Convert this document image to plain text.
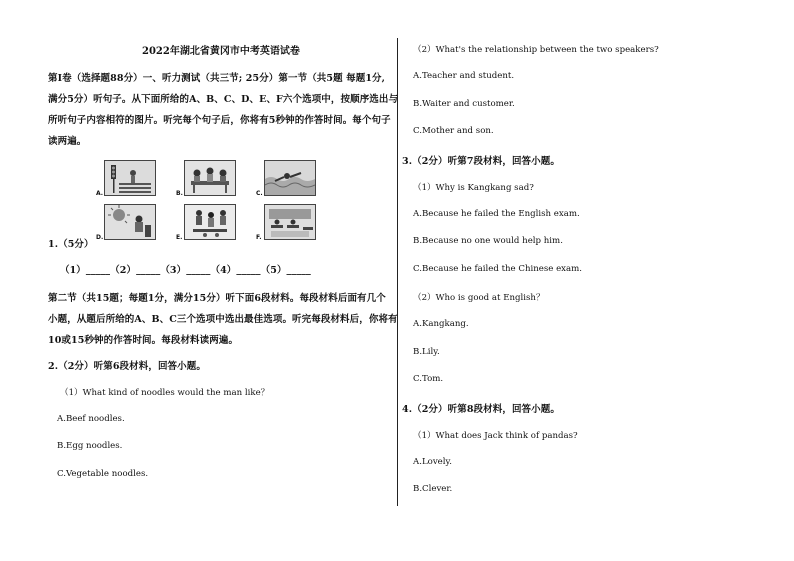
2022年湖北省黄冈市中考英语试卷
第I卷（选择题88分）一、听力测试（共三节; 25分）第一节（共5题 每题1分,
满分5分）听句子。从下面所给的A、B、C、D、E、F六个选项中，按顺序选出与
所听句子内容相符的图片。听完每个句子后，你将有5秒钟的作答时间。每个句子
读两遍。
A.	B.	C.
D.	E.	F.
1.（5分）
（1）_____（2）_____（3）_____（4）_____（5）_____
第二节（共15题；每题1分，满分15分）听下面6段材料。每段材料后面有几个
小题，从题后所给的A、B、C三个选项中选出最佳选项。听完每段材料后，你将有
10或15秒钟的作答时间。每段材料读两遍。
2.（2分）听第6段材料，回答小题。
（1）What kind of noodles would the man like？
A.Beef noodles.
B.Egg noodles.
C.Vegetable noodles.
（2）What's the relationship between the two speakers?
A.Teacher and student.
B.Waiter and customer.
C.Mother and son.
3.（2分）听第7段材料，回答小题。
（1）Why is Kangkang sad?
A.Because he failed the English exam.
B.Because no one would help him.
C.Because he failed the Chinese exam.
（2）Who is good at English？
A.Kangkang.
B.Lily.
C.Tom.
4.（2分）听第8段材料，回答小题。
（1）What does Jack think of pandas?
A.Lovely.
B.Clever.
